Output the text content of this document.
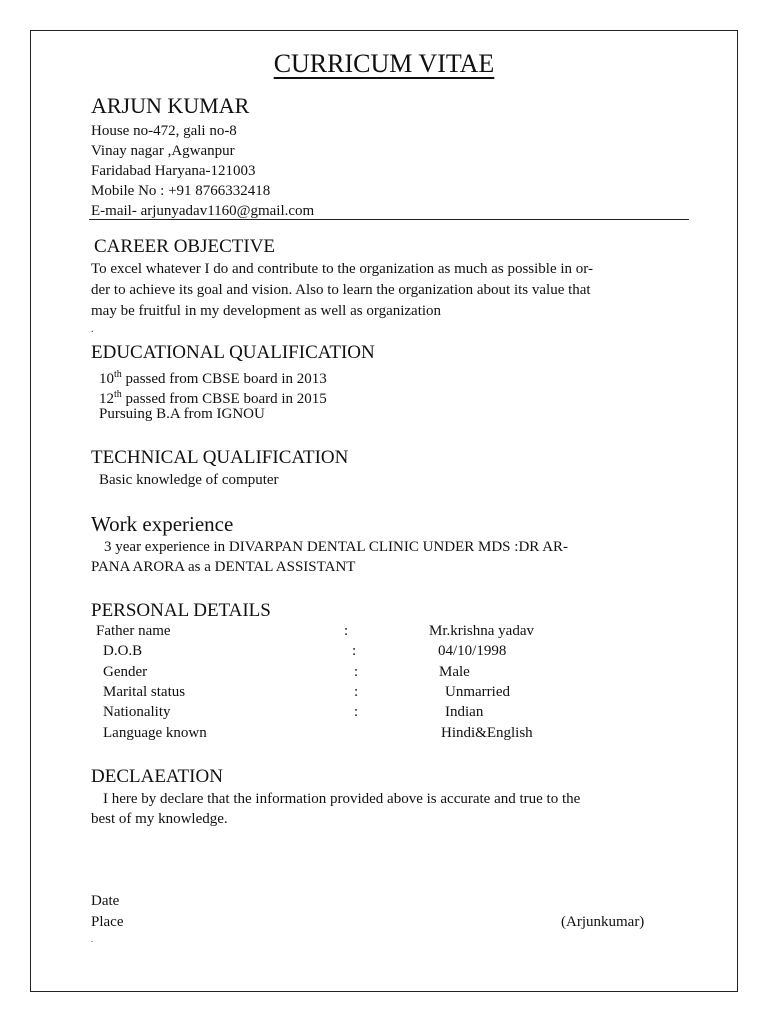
CURRICUM VITAE
ARJUN KUMAR
House no-472, gali no-8
Vinay nagar ,Agwanpur
Faridabad Haryana-121003
Mobile No : +91 8766332418
E-mail- arjunyadav1160@gmail.com
CAREER OBJECTIVE
To excel whatever I do and contribute to the organization as much as possible in or-
der to achieve its goal and vision. Also to learn the organization about its value that
may be fruitful in my development as well as organization
.
EDUCATIONAL QUALIFICATION
10th passed from CBSE board in 2013
12th passed from CBSE board in 2015
Pursuing B.A from IGNOU
TECHNICAL QUALIFICATION
Basic knowledge of computer
Work experience
3 year experience in DIVARPAN DENTAL CLINIC UNDER MDS :DR AR-
PANA ARORA as a DENTAL ASSISTANT
PERSONAL DETAILS
Father name	:	Mr.krishna yadav
D.O.B	:	04/10/1998
Gender	:	Male
Marital status	:	Unmarried
Nationality	:	Indian
Language known	Hindi&English
DECLAEATION
I here by declare that the information provided above is accurate and true to the
best of my knowledge.
Date
Place	(Arjunkumar)
.
